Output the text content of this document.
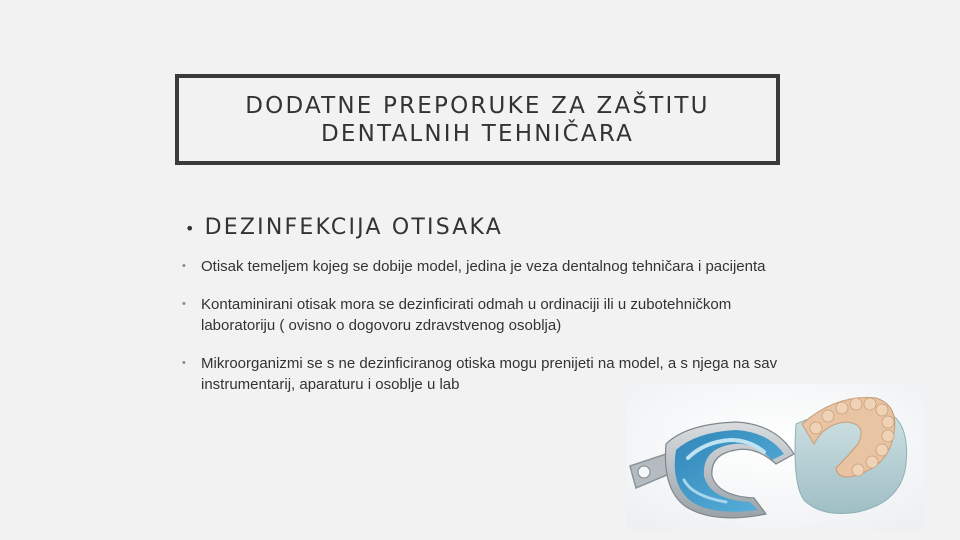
DODATNE PREPORUKE ZA ZAŠTITU
DENTALNIH TEHNIČARA
• DEZINFEKCIJA OTISAKA
• Otisak temeljem kojeg se dobije model, jedina je veza dentalnog tehničara i pacijenta
• Kontaminirani otisak mora se dezinficirati odmah u ordinaciji ili u zubotehničkom laboratoriju ( ovisno o dogovoru zdravstvenog osoblja)
• Mikroorganizmi se s ne dezinficiranog otiska mogu prenijeti na model, a s njega na sav instrumentarij, aparaturu i osoblje u lab
